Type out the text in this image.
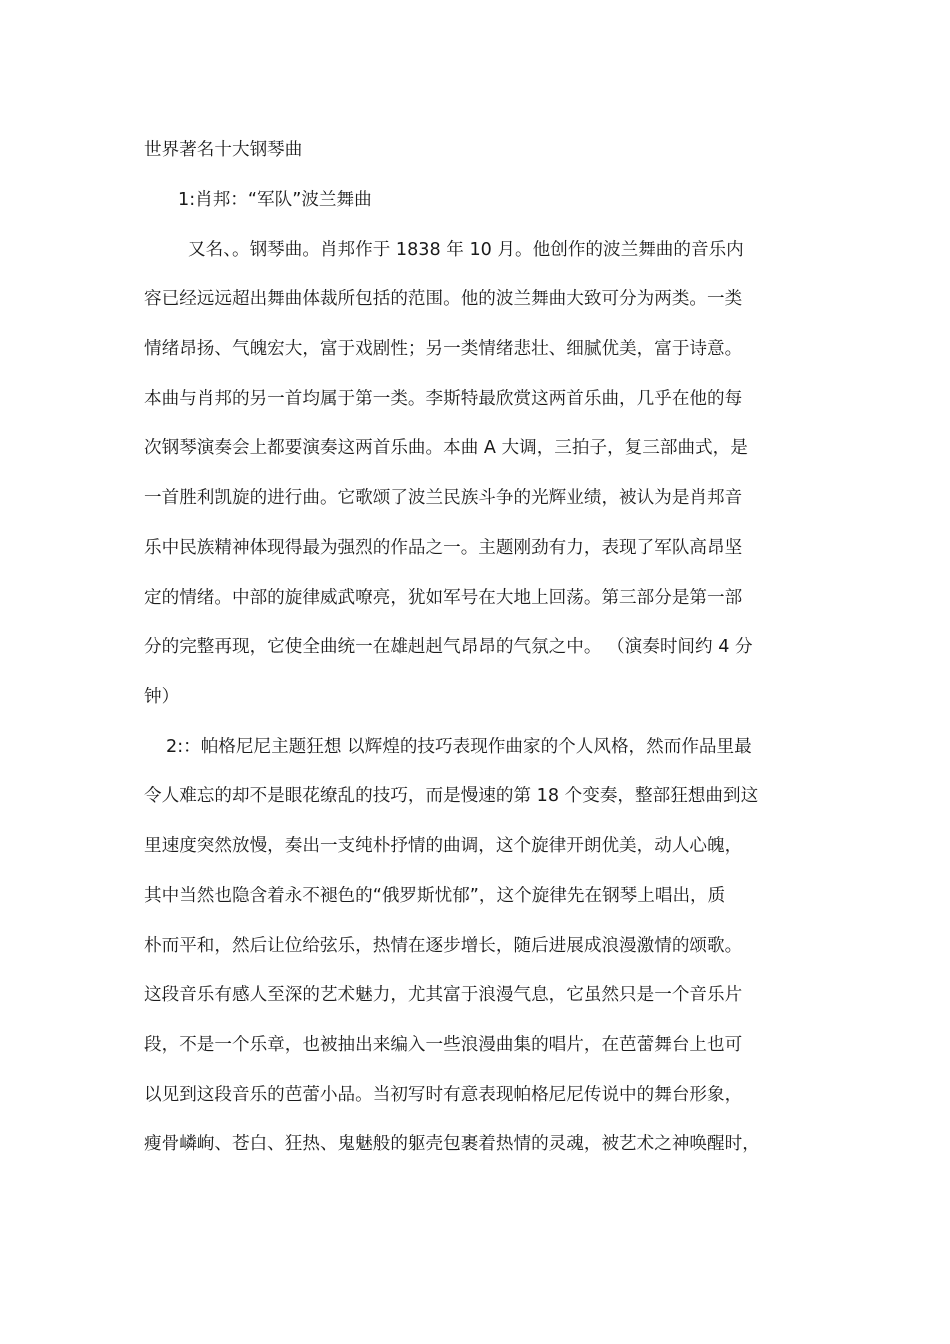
世界著名十大钢琴曲
1:肖邦：“军队”波兰舞曲
又名、。钢琴曲。肖邦作于 1838 年 10 月。他创作的波兰舞曲的音乐内
容已经远远超出舞曲体裁所包括的范围。他的波兰舞曲大致可分为两类。一类
情绪昂扬、气魄宏大，富于戏剧性；另一类情绪悲壮、细腻优美，富于诗意。
本曲与肖邦的另一首均属于第一类。李斯特最欣赏这两首乐曲，几乎在他的每
次钢琴演奏会上都要演奏这两首乐曲。本曲 A 大调，三拍子，复三部曲式，是
一首胜利凯旋的进行曲。它歌颂了波兰民族斗争的光辉业绩，被认为是肖邦音
乐中民族精神体现得最为强烈的作品之一。主题刚劲有力，表现了军队高昂坚
定的情绪。中部的旋律威武嘹亮，犹如军号在大地上回荡。第三部分是第一部
分的完整再现，它使全曲统一在雄赳赳气昂昂的气氛之中。 （演奏时间约 4 分
钟）
2:：帕格尼尼主题狂想 以辉煌的技巧表现作曲家的个人风格，然而作品里最
令人难忘的却不是眼花缭乱的技巧，而是慢速的第 18 个变奏，整部狂想曲到这
里速度突然放慢，奏出一支纯朴抒情的曲调，这个旋律开朗优美，动人心魄，
其中当然也隐含着永不褪色的“俄罗斯忧郁”，这个旋律先在钢琴上唱出，质
朴而平和，然后让位给弦乐，热情在逐步增长，随后进展成浪漫激情的颂歌。
这段音乐有感人至深的艺术魅力，尤其富于浪漫气息，它虽然只是一个音乐片
段，不是一个乐章，也被抽出来编入一些浪漫曲集的唱片，在芭蕾舞台上也可
以见到这段音乐的芭蕾小品。当初写时有意表现帕格尼尼传说中的舞台形象，
瘦骨嶙峋、苍白、狂热、鬼魅般的躯壳包裹着热情的灵魂，被艺术之神唤醒时，
